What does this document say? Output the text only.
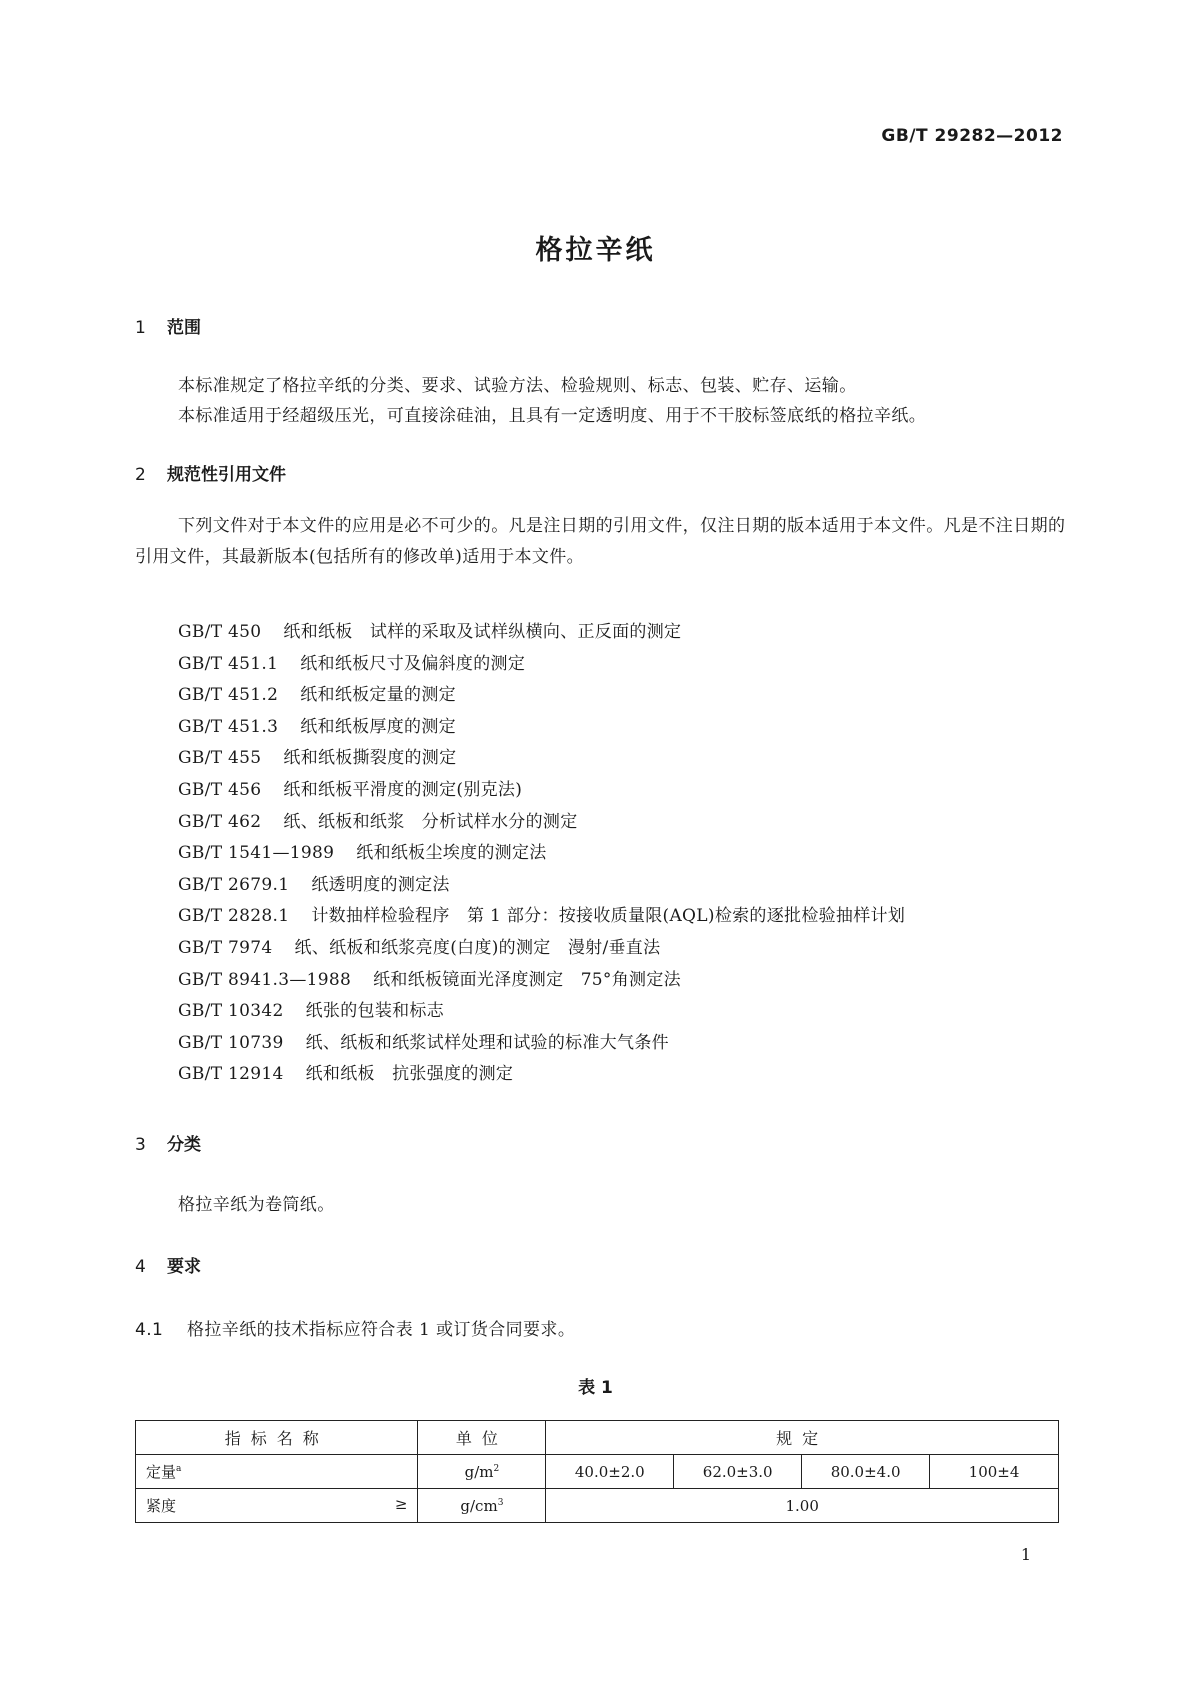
GB/T 29282—2012
格拉辛纸
1 范围
本标准规定了格拉辛纸的分类、要求、试验方法、检验规则、标志、包装、贮存、运输。
本标准适用于经超级压光，可直接涂硅油，且具有一定透明度、用于不干胶标签底纸的格拉辛纸。
2 规范性引用文件
下列文件对于本文件的应用是必不可少的。凡是注日期的引用文件，仅注日期的版本适用于本文件。凡是不注日期的引用文件，其最新版本(包括所有的修改单)适用于本文件。
GB/T 450 纸和纸板　试样的采取及试样纵横向、正反面的测定
GB/T 451.1 纸和纸板尺寸及偏斜度的测定
GB/T 451.2 纸和纸板定量的测定
GB/T 451.3 纸和纸板厚度的测定
GB/T 455 纸和纸板撕裂度的测定
GB/T 456 纸和纸板平滑度的测定(别克法)
GB/T 462 纸、纸板和纸浆　分析试样水分的测定
GB/T 1541—1989 纸和纸板尘埃度的测定法
GB/T 2679.1 纸透明度的测定法
GB/T 2828.1 计数抽样检验程序　第 1 部分：按接收质量限(AQL)检索的逐批检验抽样计划
GB/T 7974 纸、纸板和纸浆亮度(白度)的测定　漫射/垂直法
GB/T 8941.3—1988 纸和纸板镜面光泽度测定　75°角测定法
GB/T 10342 纸张的包装和标志
GB/T 10739 纸、纸板和纸浆试样处理和试验的标准大气条件
GB/T 12914 纸和纸板　抗张强度的测定
3 分类
格拉辛纸为卷筒纸。
4 要求
4.1 格拉辛纸的技术指标应符合表 1 或订货合同要求。
表 1
指标名称	单位	规定			
定量$^a$	$g/m^2$	40.0±2.0	62.0±3.0	80.0±4.0	100±4
紧度 ≥	$g/cm^3$	1.00			
1
